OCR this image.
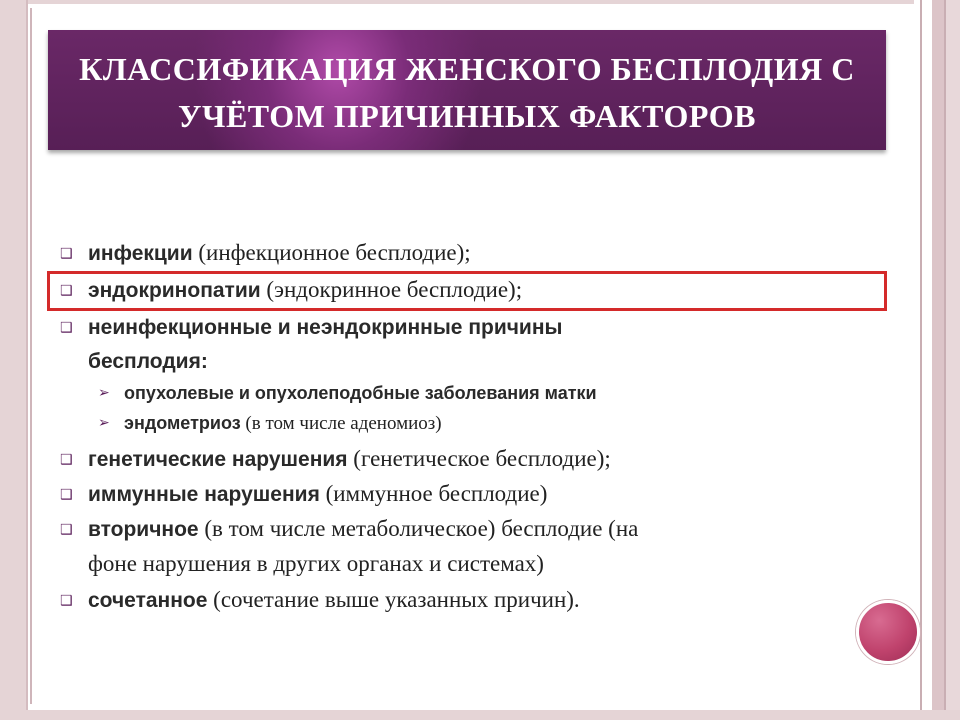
КЛАССИФИКАЦИЯ ЖЕНСКОГО БЕСПЛОДИЯ С
УЧЁТОМ ПРИЧИННЫХ ФАКТОРОВ
❑ инфекции (инфекционное бесплодие);
❑ эндокринопатии (эндокринное бесплодие);
❑ неинфекционные и неэндокринные причины
бесплодия:
➢ опухолевые и опухолеподобные заболевания матки
➢ эндометриоз (в том числе аденомиоз)
❑ генетические нарушения (генетическое бесплодие);
❑ иммунные нарушения (иммунное бесплодие)
❑ вторичное (в том числе метаболическое) бесплодие (на
фоне нарушения в других органах и системах)
❑ сочетанное (сочетание выше указанных причин).
